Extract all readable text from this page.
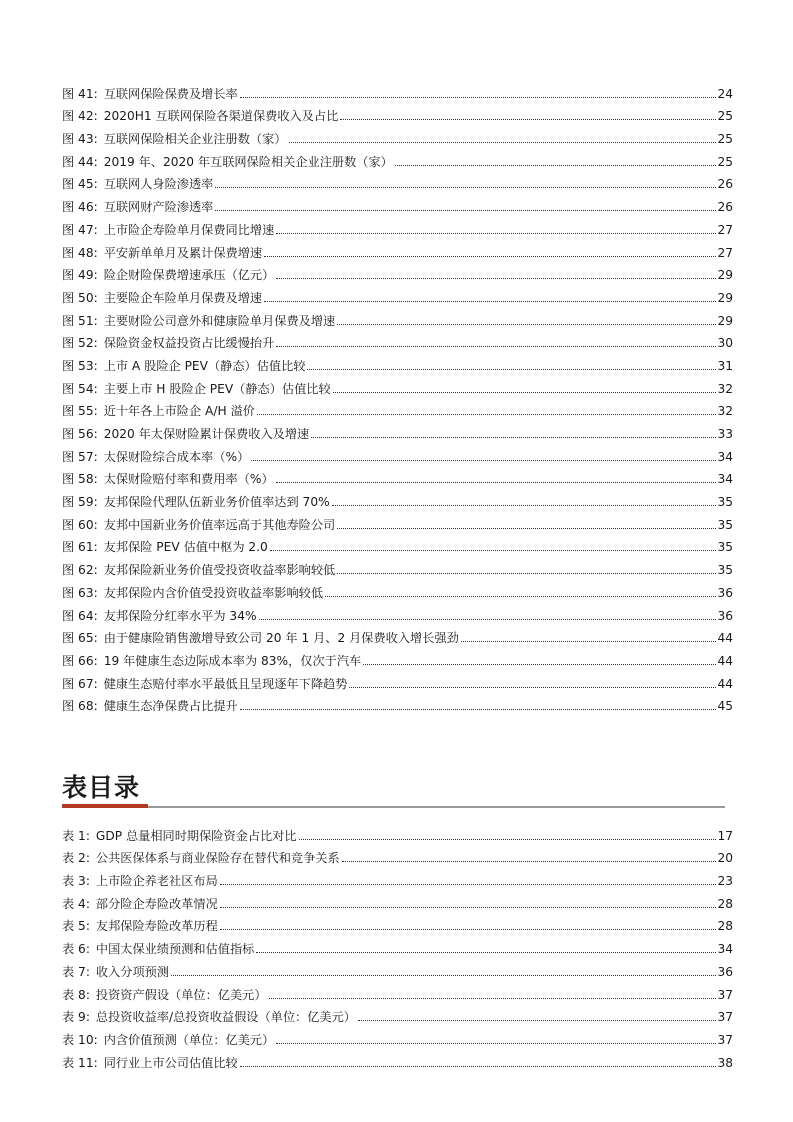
图 41: 互联网保险保费及增长率	24
图 42: 2020H1 互联网保险各渠道保费收入及占比	25
图 43: 互联网保险相关企业注册数（家）	25
图 44: 2019 年、2020 年互联网保险相关企业注册数（家）	25
图 45: 互联网人身险渗透率	26
图 46: 互联网财产险渗透率	26
图 47: 上市险企寿险单月保费同比增速	27
图 48: 平安新单单月及累计保费增速	27
图 49: 险企财险保费增速承压（亿元）	29
图 50: 主要险企车险单月保费及增速	29
图 51: 主要财险公司意外和健康险单月保费及增速	29
图 52: 保险资金权益投资占比缓慢抬升	30
图 53: 上市 A 股险企 PEV（静态）估值比较	31
图 54: 主要上市 H 股险企 PEV（静态）估值比较	32
图 55: 近十年各上市险企 A/H 溢价	32
图 56: 2020 年太保财险累计保费收入及增速	33
图 57: 太保财险综合成本率（%）	34
图 58: 太保财险赔付率和费用率（%）	34
图 59: 友邦保险代理队伍新业务价值率达到 70%	35
图 60: 友邦中国新业务价值率远高于其他寿险公司	35
图 61: 友邦保险 PEV 估值中枢为 2.0	35
图 62: 友邦保险新业务价值受投资收益率影响较低	35
图 63: 友邦保险内含价值受投资收益率影响较低	36
图 64: 友邦保险分红率水平为 34%	36
图 65: 由于健康险销售激增导致公司 20 年 1 月、2 月保费收入增长强劲	44
图 66: 19 年健康生态边际成本率为 83%，仅次于汽车	44
图 67: 健康生态赔付率水平最低且呈现逐年下降趋势	44
图 68: 健康生态净保费占比提升	45
表目录
表 1: GDP 总量相同时期保险资金占比对比	17
表 2: 公共医保体系与商业保险存在替代和竞争关系	20
表 3: 上市险企养老社区布局	23
表 4: 部分险企寿险改革情况	28
表 5: 友邦保险寿险改革历程	28
表 6: 中国太保业绩预测和估值指标	34
表 7: 收入分项预测	36
表 8: 投资资产假设（单位：亿美元）	37
表 9: 总投资收益率/总投资收益假设（单位：亿美元）	37
表 10: 内含价值预测（单位：亿美元）	37
表 11: 同行业上市公司估值比较	38
